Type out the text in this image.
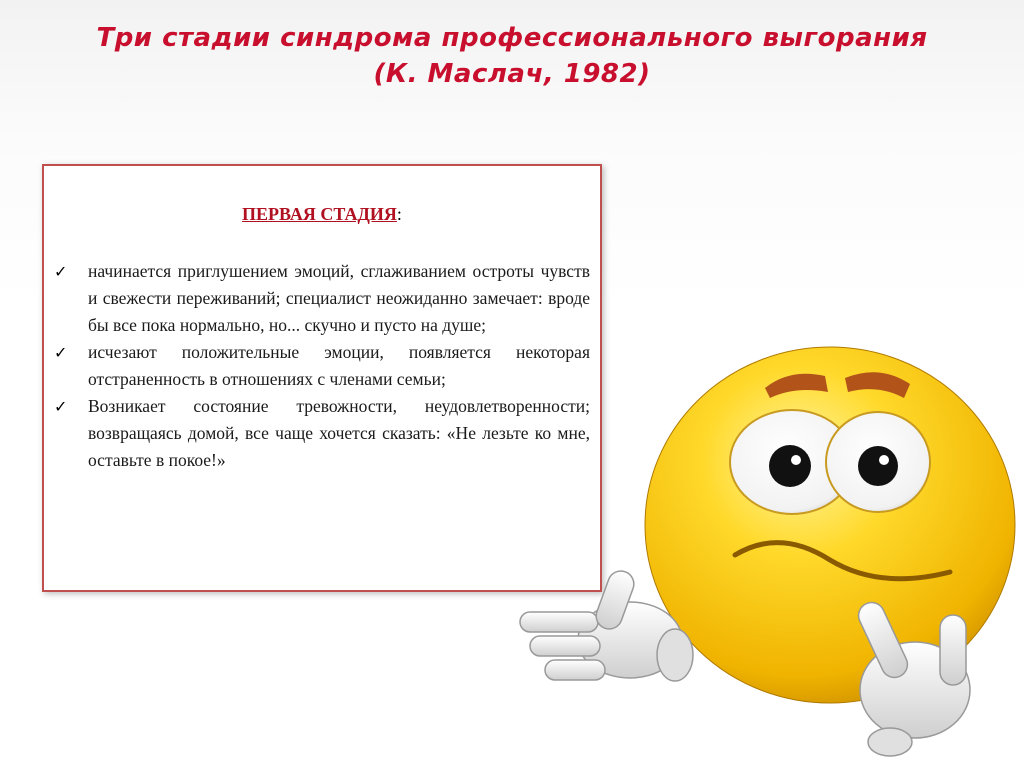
Три стадии синдрома профессионального выгорания
(К. Маслач, 1982)
ПЕРВАЯ СТАДИЯ:
✓	начинается приглушением эмоций, сглаживанием остроты чувств и свежести переживаний; специалист неожиданно замечает: вроде бы все пока нормально, но... скучно и пусто на душе;
✓	исчезают положительные эмоции, появляется некоторая отстраненность в отношениях с членами семьи;
✓	Возникает состояние тревожности, неудовлетворенности; возвращаясь домой, все чаще хочется сказать: «Не лезьте ко мне, оставьте в покое!»
